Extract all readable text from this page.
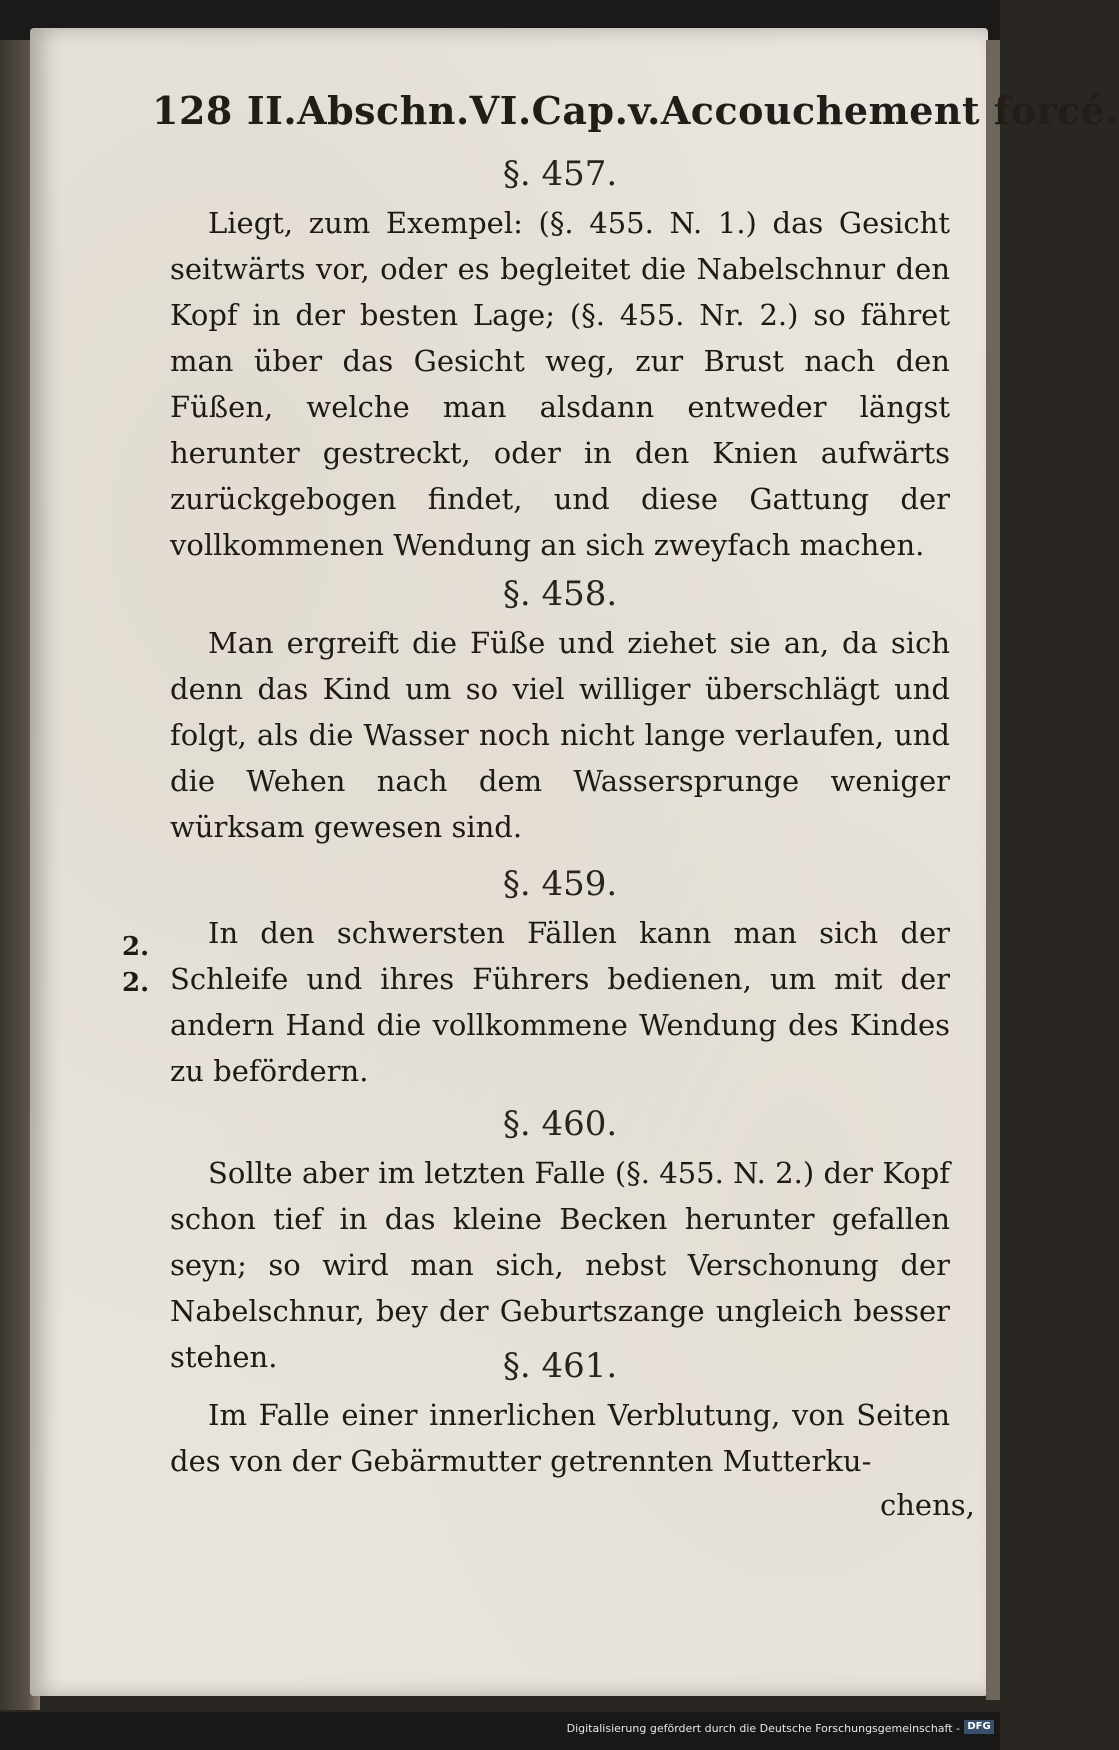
128 II.Abschn.VI.Cap.v.Accouchement forcé.

§. 457.

Liegt, zum Exempel: (§. 455. N. 1.) das Gesicht seitwärts vor, oder es begleitet die Nabelschnur den Kopf in der besten Lage; (§. 455. Nr. 2.) so fähret man über das Gesicht weg, zur Brust nach den Füßen, welche man alsdann entweder längst herunter gestreckt, oder in den Knien aufwärts zurückgebogen findet, und diese Gattung der vollkommenen Wendung an sich zweyfach machen.

§. 458.

Man ergreift die Füße und ziehet sie an, da sich denn das Kind um so viel williger überschlägt und folgt, als die Wasser noch nicht lange verlaufen, und die Wehen nach dem Wassersprunge weniger würksam gewesen sind.

§. 459.

In den schwersten Fällen kann man sich der Schleife und ihres Führers bedienen, um mit der andern Hand die vollkommene Wendung des Kindes zu befördern.

2.
2.

§. 460.

Sollte aber im letzten Falle (§. 455. N. 2.) der Kopf schon tief in das kleine Becken herunter gefallen seyn; so wird man sich, nebst Verschonung der Nabelschnur, bey der Geburtszange ungleich besser stehen.	§. 461.

Im Falle einer innerlichen Verblutung, von Seiten des von der Gebärmutter getrennten Mutterku-

chens,
Digitalisierung gefördert durch die Deutsche Forschungsgemeinschaft - DFG
